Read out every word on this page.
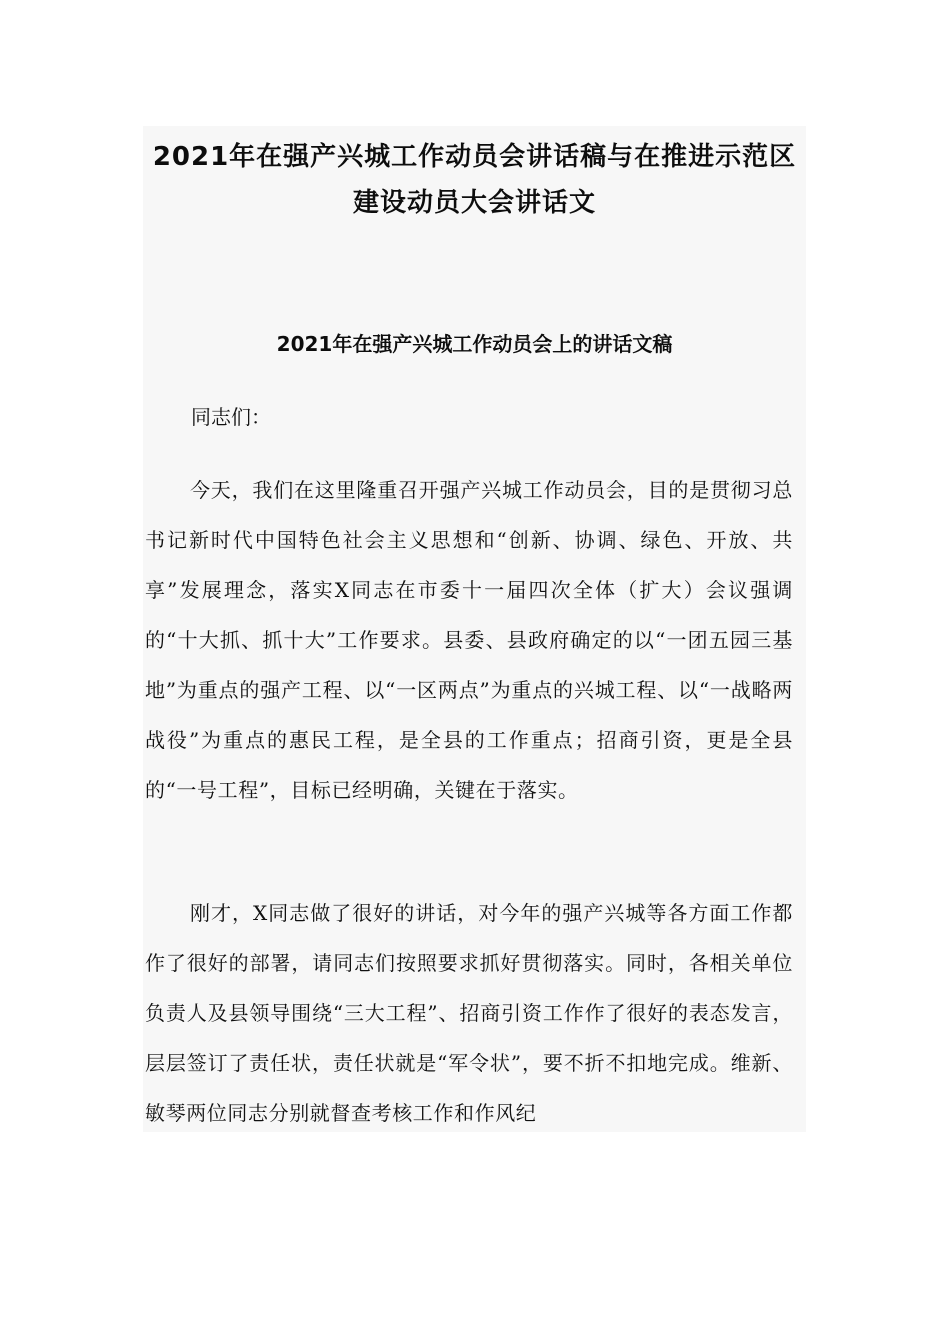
2021年在强产兴城工作动员会讲话稿与在推进示范区建设动员大会讲话文
2021年在强产兴城工作动员会上的讲话文稿

同志们：

今天，我们在这里隆重召开强产兴城工作动员会，目的是贯彻习总书记新时代中国特色社会主义思想和“创新、协调、绿色、开放、共享”发展理念，落实X同志在市委十一届四次全体（扩大）会议强调的“十大抓、抓十大”工作要求。县委、县政府确定的以“一团五园三基地”为重点的强产工程、以“一区两点”为重点的兴城工程、以“一战略两战役”为重点的惠民工程，是全县的工作重点；招商引资，更是全县的“一号工程”，目标已经明确，关键在于落实。

刚才，X同志做了很好的讲话，对今年的强产兴城等各方面工作都作了很好的部署，请同志们按照要求抓好贯彻落实。同时，各相关单位负责人及县领导围绕“三大工程”、招商引资工作作了很好的表态发言，层层签订了责任状，责任状就是“军令状”，要不折不扣地完成。维新、敏琴两位同志分别就督查考核工作和作风纪
